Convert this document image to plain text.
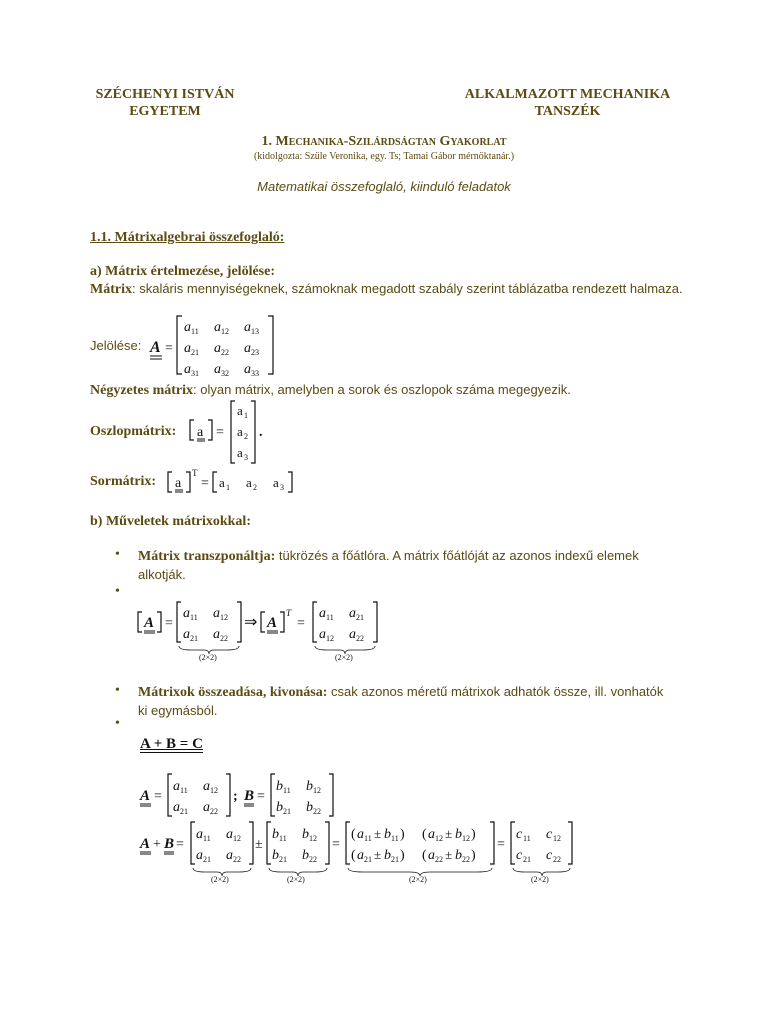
SZÉCHENYI ISTVÁN
EGYETEM
ALKALMAZOTT MECHANIKA
TANSZÉK
1. Mechanika-Szilárdságtan Gyakorlat
(kidolgozta: Szüle Veronika, egy. Ts; Tamai Gábor mérnöktanár.)
Matematikai összefoglaló, kiinduló feladatok
1.1. Mátrixalgebrai összefoglaló:
a) Mátrix értelmezése, jelölése:
Mátrix: skaláris mennyiségeknek, számoknak megadott szabály szerint táblázatba rendezett halmaza.
Jelölése: A =
a 11 a 12 a 13
a 21 a 22 a 23
a 31 a 32 a 33
Négyzetes mátrix: olyan mátrix, amelyben a sorok és oszlopok száma megegyezik.
Oszlopmátrix: a =
a 1
a 2
a 3
.
Sormátrix: a
T
= a 1 a 2 a 3
b) Műveletek mátrixokkal:
• Mátrix transzponáltja: tükrözés a főátlóra. A mátrix főátlóját az azonos indexű elemek alkotják.
•
A =
a 11 a 12
a 21 a 22
(2×2)
⇒ A
T
=
a 11 a 21
a 12 a 22
(2×2)
• Mátrixok összeadása, kivonása: csak azonos méretű mátrixok adhatók össze, ill. vonhatók ki egymásból.
•
A + B = C
A =
a 11 a 12
a 21 a 22
; B =
b 11 b 12
b 21 b 22
A + B =
a 11 a 12
a 21 a 22
(2×2)
±
b 11 b 12
b 21 b 22
(2×2)
=
( a 11 ± b 11 ) ( a 12 ± b 12 )
( a 21 ± b 21 ) ( a 22 ± b 22 )
(2×2)
=
c 11 c 12
c 21 c 22
(2×2)
